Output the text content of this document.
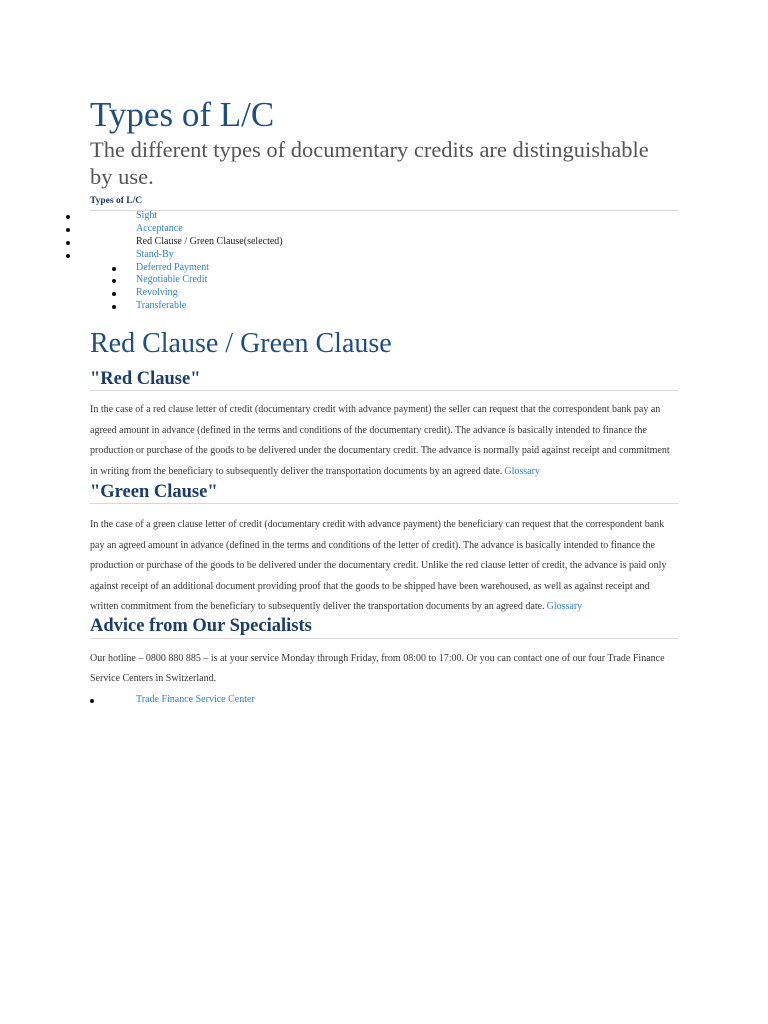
Types of L/C
The different types of documentary credits are distinguishable by use.
Types of L/C
Sight
Acceptance
Red Clause / Green Clause(selected)
Stand-By
Deferred Payment
Negotiable Credit
Revolving
Transferable
Red Clause / Green Clause
"Red Clause"
In the case of a red clause letter of credit (documentary credit with advance payment) the seller can request that the correspondent bank pay an
agreed amount in advance (defined in the terms and conditions of the documentary credit). The advance is basically intended to finance the
production or purchase of the goods to be delivered under the documentary credit. The advance is normally paid against receipt and commitment
in writing from the beneficiary to subsequently deliver the transportation documents by an agreed date. Glossary
"Green Clause"
In the case of a green clause letter of credit (documentary credit with advance payment) the beneficiary can request that the correspondent bank
pay an agreed amount in advance (defined in the terms and conditions of the letter of credit). The advance is basically intended to finance the
production or purchase of the goods to be delivered under the documentary credit. Unlike the red clause letter of credit, the advance is paid only
against receipt of an additional document providing proof that the goods to be shipped have been warehoused, as well as against receipt and
written commitment from the beneficiary to subsequently deliver the transportation documents by an agreed date. Glossary
Advice from Our Specialists
Our hotline – 0800 880 885 – is at your service Monday through Friday, from 08:00 to 17:00. Or you can contact one of our four Trade Finance
Service Centers in Switzerland.
Trade Finance Service Center
